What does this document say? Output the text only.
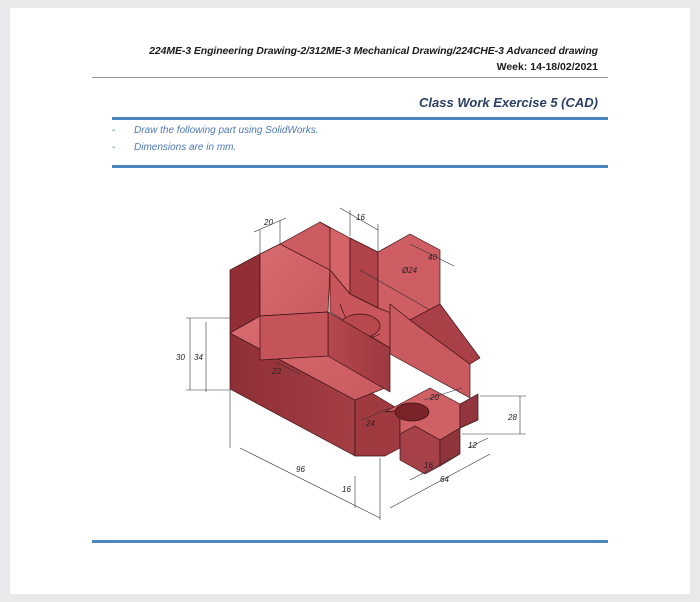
224ME-3 Engineering Drawing-2/312ME-3 Mechanical Drawing/224CHE-3 Advanced drawing
Week: 14-18/02/2021
Class Work Exercise 5 (CAD)
- Draw the following part using SolidWorks.
- Dimensions are in mm.
20
16
40
Ø24
30 34
22
24
20
28
96
16
16
12
64
